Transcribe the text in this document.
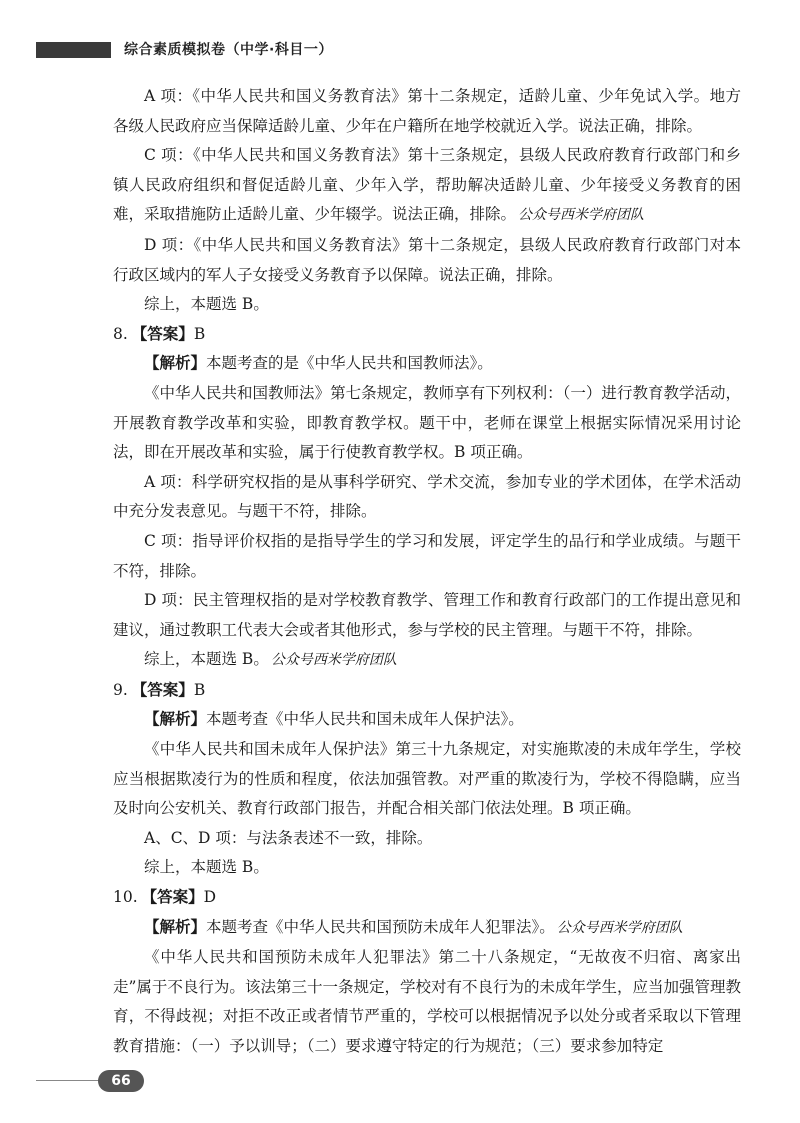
综合素质模拟卷（中学·科目一）

A 项：《中华人民共和国义务教育法》第十二条规定，适龄儿童、少年免试入学。地方各级人民政府应当保障适龄儿童、少年在户籍所在地学校就近入学。说法正确，排除。

C 项：《中华人民共和国义务教育法》第十三条规定，县级人民政府教育行政部门和乡镇人民政府组织和督促适龄儿童、少年入学，帮助解决适龄儿童、少年接受义务教育的困难，采取措施防止适龄儿童、少年辍学。说法正确，排除。 公众号西米学府团队

D 项：《中华人民共和国义务教育法》第十二条规定，县级人民政府教育行政部门对本行政区域内的军人子女接受义务教育予以保障。说法正确，排除。

综上，本题选 B。

8. 【答案】B

【解析】本题考查的是《中华人民共和国教师法》。

《中华人民共和国教师法》第七条规定，教师享有下列权利：（一）进行教育教学活动，开展教育教学改革和实验，即教育教学权。题干中，老师在课堂上根据实际情况采用讨论法，即在开展改革和实验，属于行使教育教学权。B 项正确。

A 项：科学研究权指的是从事科学研究、学术交流，参加专业的学术团体，在学术活动中充分发表意见。与题干不符，排除。

C 项：指导评价权指的是指导学生的学习和发展，评定学生的品行和学业成绩。与题干不符，排除。

D 项：民主管理权指的是对学校教育教学、管理工作和教育行政部门的工作提出意见和建议，通过教职工代表大会或者其他形式，参与学校的民主管理。与题干不符，排除。

综上，本题选 B。 公众号西米学府团队

9. 【答案】B

【解析】本题考查《中华人民共和国未成年人保护法》。

《中华人民共和国未成年人保护法》第三十九条规定，对实施欺凌的未成年学生，学校应当根据欺凌行为的性质和程度，依法加强管教。对严重的欺凌行为，学校不得隐瞒，应当及时向公安机关、教育行政部门报告，并配合相关部门依法处理。B 项正确。

A、C、D 项：与法条表述不一致，排除。

综上，本题选 B。

10. 【答案】D

【解析】本题考查《中华人民共和国预防未成年人犯罪法》。 公众号西米学府团队

《中华人民共和国预防未成年人犯罪法》第二十八条规定，“无故夜不归宿、离家出走”属于不良行为。该法第三十一条规定，学校对有不良行为的未成年学生，应当加强管理教育，不得歧视；对拒不改正或者情节严重的，学校可以根据情况予以处分或者采取以下管理教育措施：（一）予以训导；（二）要求遵守特定的行为规范；（三）要求参加特定

66
